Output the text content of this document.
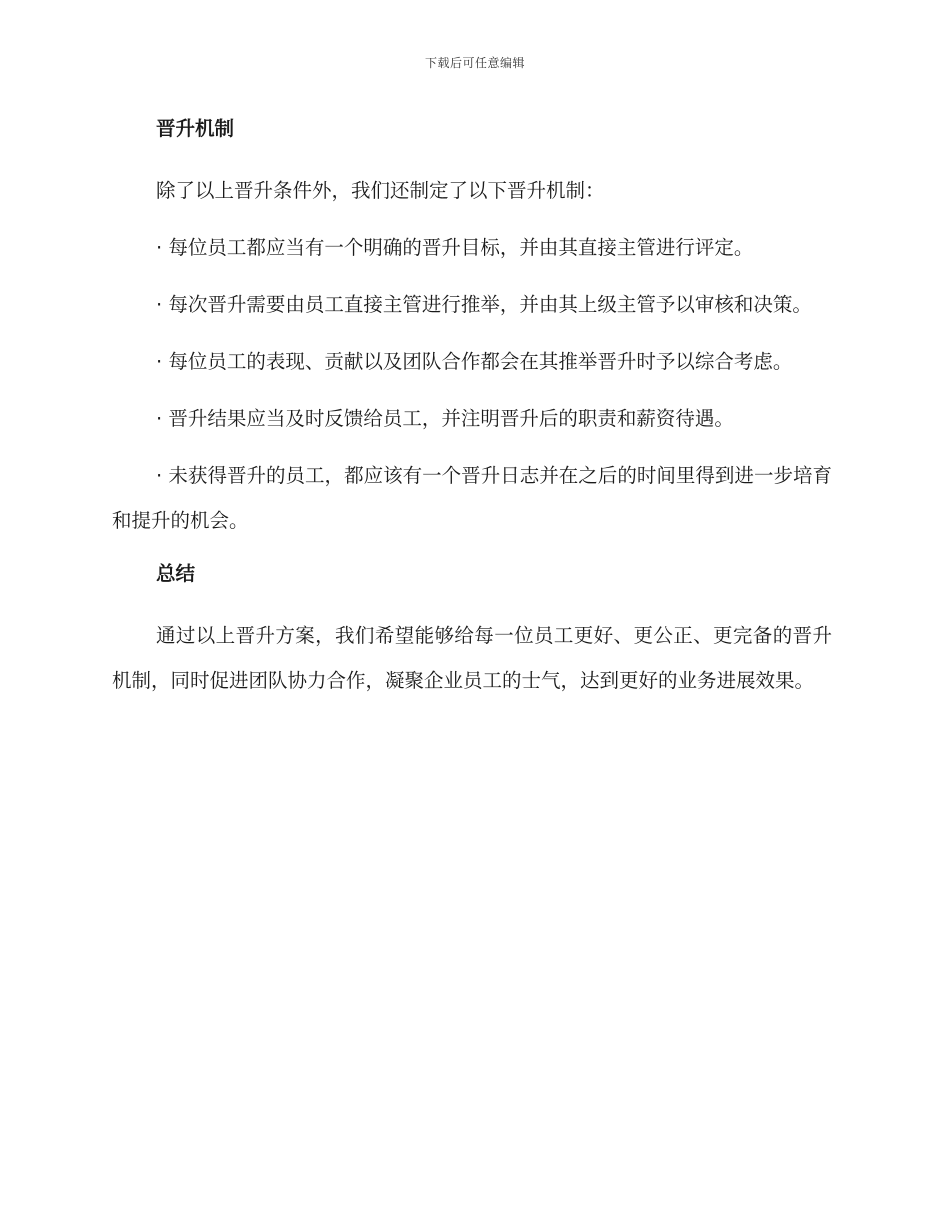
下载后可任意编辑
晋升机制

除了以上晋升条件外，我们还制定了以下晋升机制：

· 每位员工都应当有一个明确的晋升目标，并由其直接主管进行评定。

· 每次晋升需要由员工直接主管进行推举，并由其上级主管予以审核和决策。

· 每位员工的表现、贡献以及团队合作都会在其推举晋升时予以综合考虑。

· 晋升结果应当及时反馈给员工，并注明晋升后的职责和薪资待遇。

· 未获得晋升的员工，都应该有一个晋升日志并在之后的时间里得到进一步培育和提升的机会。

总结

通过以上晋升方案，我们希望能够给每一位员工更好、更公正、更完备的晋升机制，同时促进团队协力合作，凝聚企业员工的士气，达到更好的业务进展效果。
